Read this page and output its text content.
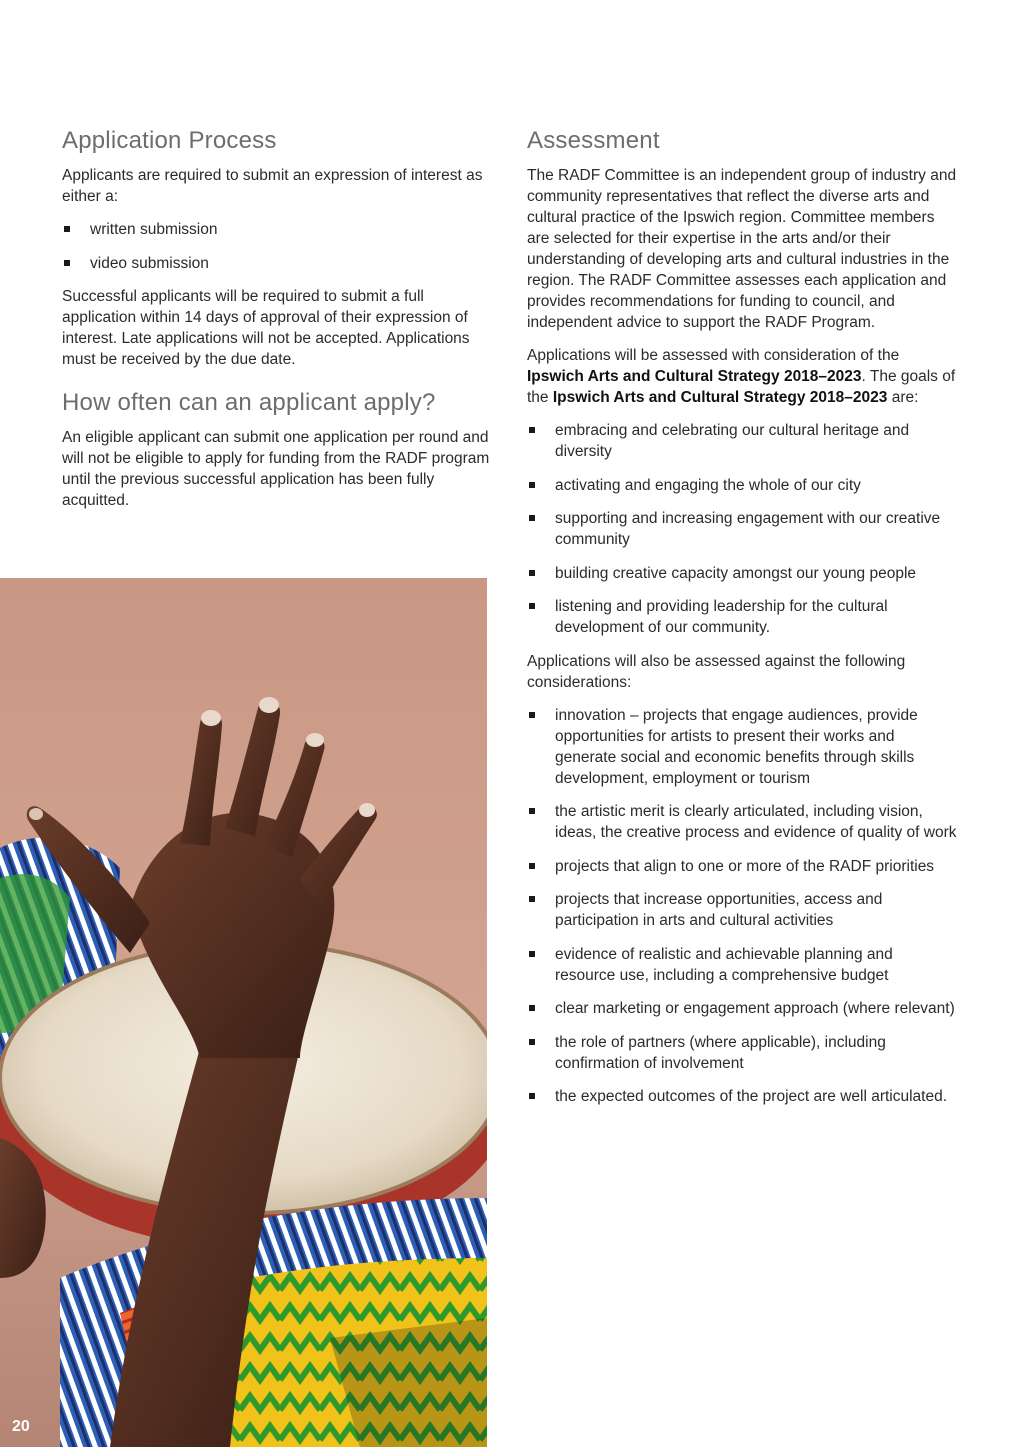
Application Process

Applicants are required to submit an expression of interest as either a:

written submission
video submission

Successful applicants will be required to submit a full application within 14 days of approval of their expression of interest. Late applications will not be accepted. Applications must be received by the due date.

How often can an applicant apply?

An eligible applicant can submit one application per round and will not be eligible to apply for funding from the RADF program until the previous successful application has been fully acquitted.

Assessment

The RADF Committee is an independent group of industry and community representatives that reflect the diverse arts and cultural practice of the Ipswich region. Committee members are selected for their expertise in the arts and/or their understanding of developing arts and cultural industries in the region. The RADF Committee assesses each application and provides recommendations for funding to council, and independent advice to support the RADF Program.

Applications will be assessed with consideration of the Ipswich Arts and Cultural Strategy 2018–2023. The goals of the Ipswich Arts and Cultural Strategy 2018–2023 are:

embracing and celebrating our cultural heritage and diversity
activating and engaging the whole of our city
supporting and increasing engagement with our creative community
building creative capacity amongst our young people
listening and providing leadership for the cultural development of our community.

Applications will also be assessed against the following considerations:

innovation – projects that engage audiences, provide opportunities for artists to present their works and generate social and economic benefits through skills development, employment or tourism
the artistic merit is clearly articulated, including vision, ideas, the creative process and evidence of quality of work
projects that align to one or more of the RADF priorities
projects that increase opportunities, access and participation in arts and cultural activities
evidence of realistic and achievable planning and resource use, including a comprehensive budget
clear marketing or engagement approach (where relevant)
the role of partners (where applicable), including confirmation of involvement
the expected outcomes of the project are well articulated.
20
